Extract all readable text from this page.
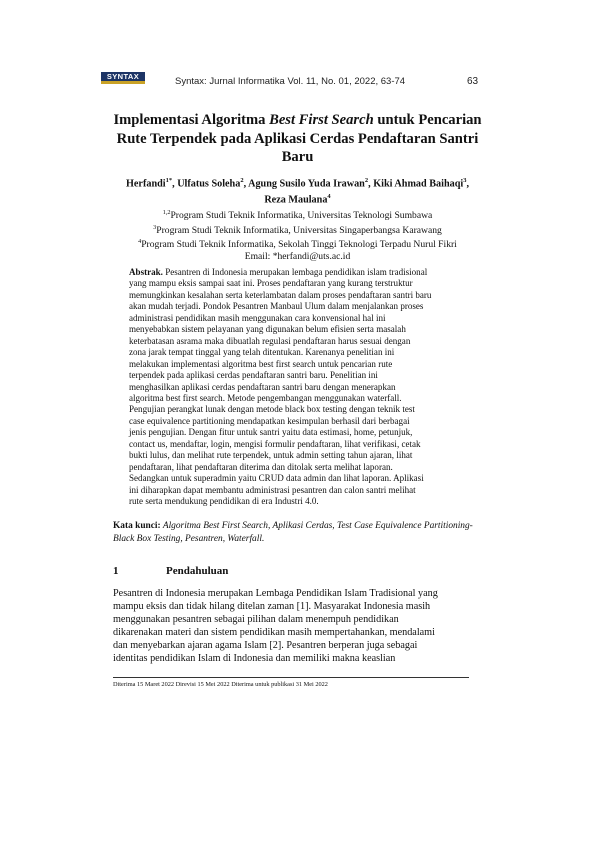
SYNTAX	Syntax: Jurnal Informatika Vol. 11, No. 01, 2022, 63-74	63
Implementasi Algoritma Best First Search untuk Pencarian Rute Terpendek pada Aplikasi Cerdas Pendaftaran Santri Baru
Herfandi$^{1*}$, Ulfatus Soleha$^2$, Agung Susilo Yuda Irawan$^2$, Kiki Ahmad Baihaqi$^3$,
Reza Maulana$^4$
$^{1,2}$Program Studi Teknik Informatika, Universitas Teknologi Sumbawa
$^3$Program Studi Teknik Informatika, Universitas Singaperbangsa Karawang
$^4$Program Studi Teknik Informatika, Sekolah Tinggi Teknologi Terpadu Nurul Fikri
Email: *herfandi@uts.ac.id
Abstrak. Pesantren di Indonesia merupakan lembaga pendidikan islam tradisional
yang mampu eksis sampai saat ini. Proses pendaftaran yang kurang terstruktur
memungkinkan kesalahan serta keterlambatan dalam proses pendaftaran santri baru
akan mudah terjadi. Pondok Pesantren Manbaul Ulum dalam menjalankan proses
administrasi pendidikan masih menggunakan cara konvensional hal ini
menyebabkan sistem pelayanan yang digunakan belum efisien serta masalah
keterbatasan asrama maka dibuatlah regulasi pendaftaran harus sesuai dengan
zona jarak tempat tinggal yang telah ditentukan. Karenanya penelitian ini
melakukan implementasi algoritma best first search untuk pencarian rute
terpendek pada aplikasi cerdas pendaftaran santri baru. Penelitian ini
menghasilkan aplikasi cerdas pendaftaran santri baru dengan menerapkan
algoritma best first search. Metode pengembangan menggunakan waterfall.
Pengujian perangkat lunak dengan metode black box testing dengan teknik test
case equivalence partitioning mendapatkan kesimpulan berhasil dari berbagai
jenis pengujian. Dengan fitur untuk santri yaitu data estimasi, home, petunjuk,
contact us, mendaftar, login, mengisi formulir pendaftaran, lihat verifikasi, cetak
bukti lulus, dan melihat rute terpendek, untuk admin setting tahun ajaran, lihat
pendaftaran, lihat pendaftaran diterima dan ditolak serta melihat laporan.
Sedangkan untuk superadmin yaitu CRUD data admin dan lihat laporan. Aplikasi
ini diharapkan dapat membantu administrasi pesantren dan calon santri melihat
rute serta mendukung pendidikan di era Industri 4.0.
Kata kunci: Algoritma Best First Search, Aplikasi Cerdas, Test Case Equivalence Partitioning-Black Box Testing, Pesantren, Waterfall.
1	Pendahuluan
Pesantren di Indonesia merupakan Lembaga Pendidikan Islam Tradisional yang
mampu eksis dan tidak hilang ditelan zaman [1]. Masyarakat Indonesia masih
menggunakan pesantren sebagai pilihan dalam menempuh pendidikan
dikarenakan materi dan sistem pendidikan masih mempertahankan, mendalami
dan menyebarkan ajaran agama Islam [2]. Pesantren berperan juga sebagai
identitas pendidikan Islam di Indonesia dan memiliki makna keaslian
Diterima 15 Maret 2022 Direvisi 15 Mei 2022 Diterima untuk publikasi 31 Mei 2022
